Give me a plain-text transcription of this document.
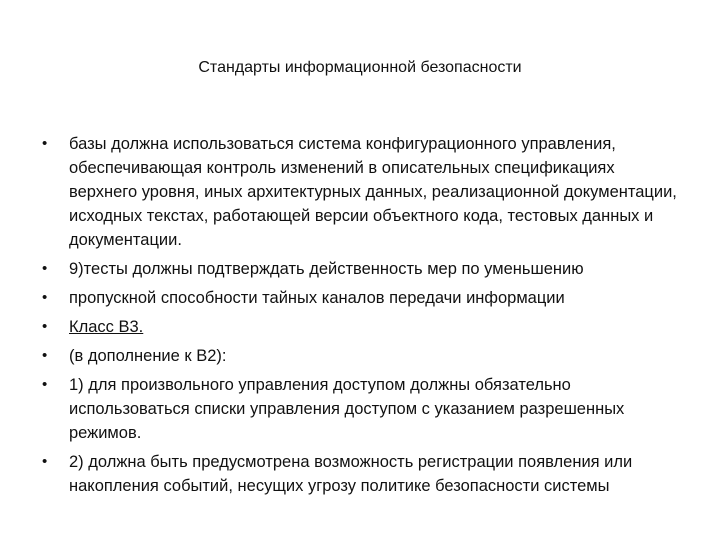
Стандарты информационной безопасности
• базы должна использоваться система конфигурационного управления, обеспечивающая контроль изменений в описательных спецификациях верхнего уровня, иных архитектурных данных, реализационной документации, исходных текстах, работающей версии объектного кода, тестовых данных и документации.
• 9)тесты должны подтверждать действенность мер по уменьшению
• пропускной способности тайных каналов передачи информации
• Класс B3.
• (в дополнение к B2):
• 1) для произвольного управления доступом должны обязательно использоваться списки управления доступом с указанием разрешенных режимов.
• 2) должна быть предусмотрена возможность регистрации появления или накопления событий, несущих угрозу политике безопасности системы
